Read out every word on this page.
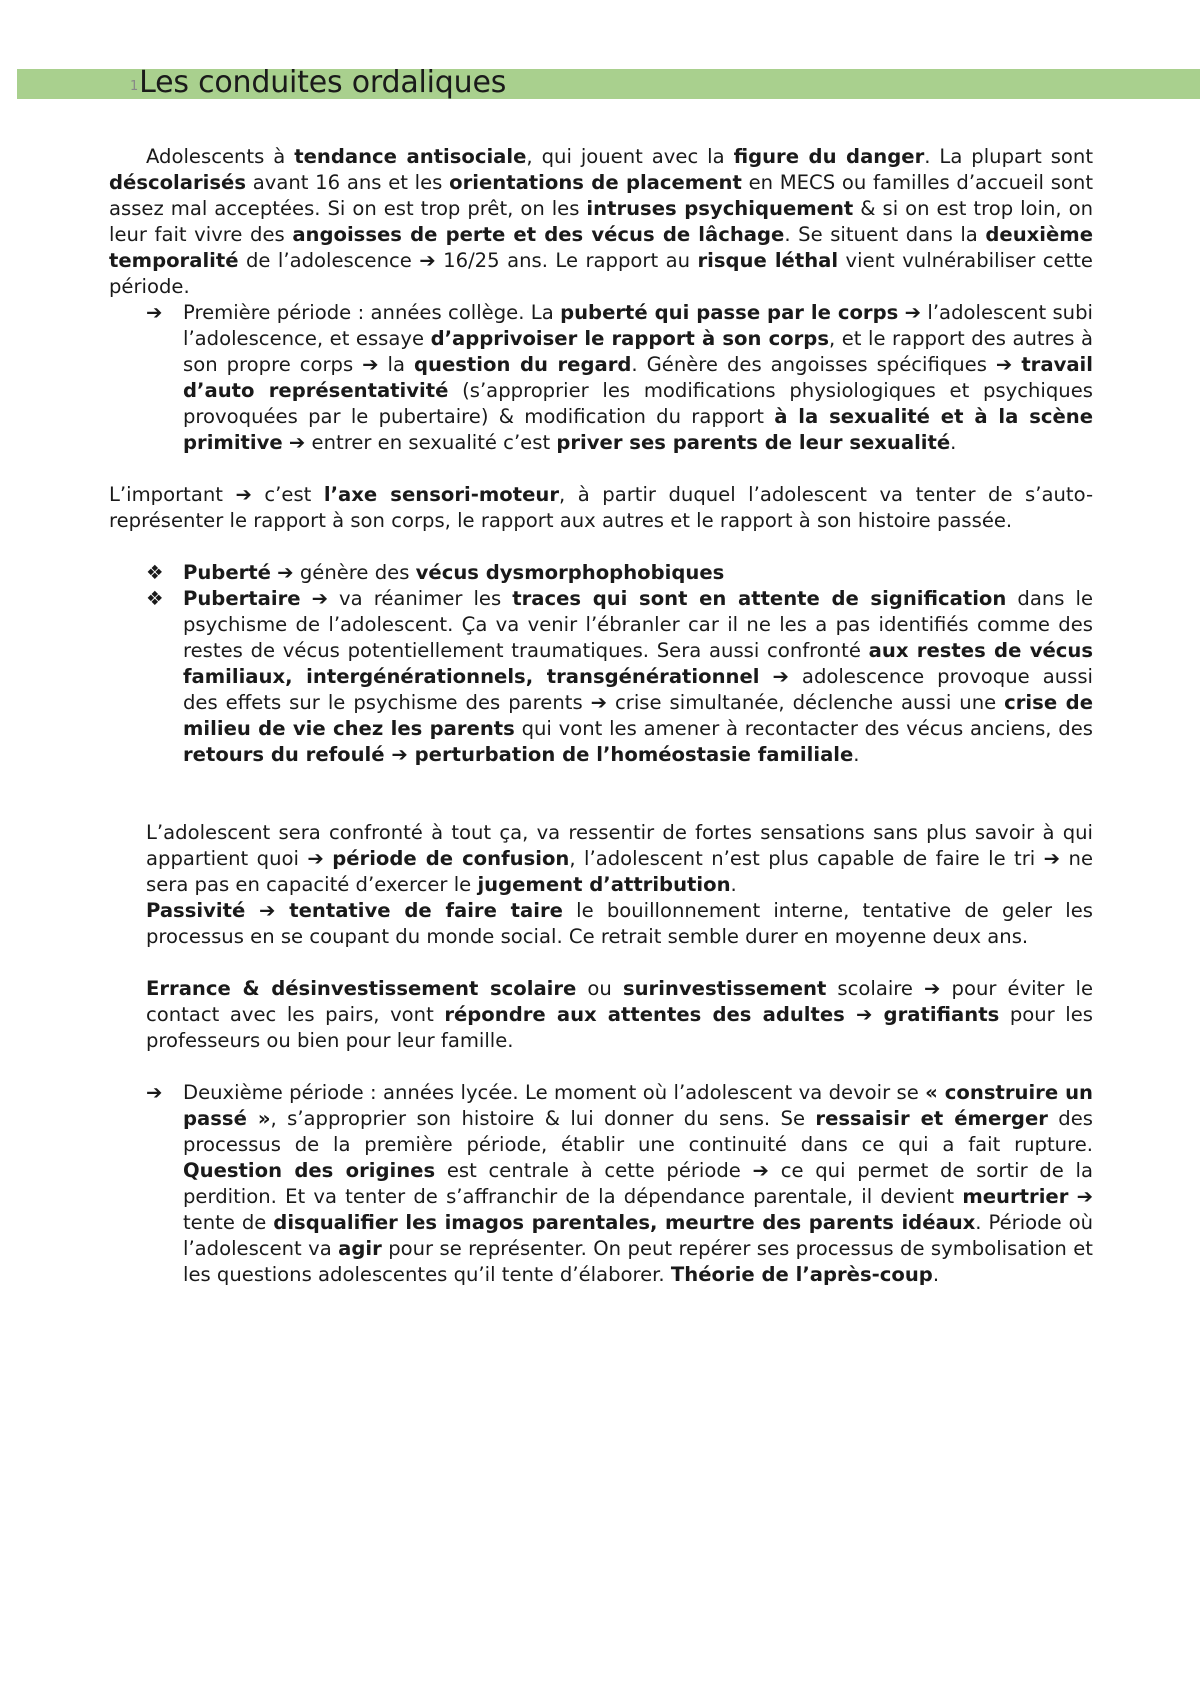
1Les conduites ordaliques

Adolescents à tendance antisociale, qui jouent avec la figure du danger. La plupart sont déscolarisés avant 16 ans et les orientations de placement en MECS ou familles d’accueil sont assez mal acceptées. Si on est trop prêt, on les intruses psychiquement & si on est trop loin, on leur fait vivre des angoisses de perte et des vécus de lâchage. Se situent dans la deuxième temporalité de l’adolescence ➔ 16/25 ans. Le rapport au risque léthal vient vulnérabiliser cette période.

➔	Première période : années collège. La puberté qui passe par le corps ➔ l’adolescent subi l’adolescence, et essaye d’apprivoiser le rapport à son corps, et le rapport des autres à son propre corps ➔ la question du regard. Génère des angoisses spécifiques ➔ travail d’auto représentativité (s’approprier les modifications physiologiques et psychiques provoquées par le pubertaire) & modification du rapport à la sexualité et à la scène primitive ➔ entrer en sexualité c’est priver ses parents de leur sexualité.

L’important ➔ c’est l’axe sensori-moteur, à partir duquel l’adolescent va tenter de s’auto-représenter le rapport à son corps, le rapport aux autres et le rapport à son histoire passée.

❖ Puberté ➔ génère des vécus dysmorphophobiques
❖ Pubertaire ➔ va réanimer les traces qui sont en attente de signification dans le psychisme de l’adolescent. Ça va venir l’ébranler car il ne les a pas identifiés comme des restes de vécus potentiellement traumatiques. Sera aussi confronté aux restes de vécus familiaux, intergénérationnels, transgénérationnel ➔ adolescence provoque aussi des effets sur le psychisme des parents ➔ crise simultanée, déclenche aussi une crise de milieu de vie chez les parents qui vont les amener à recontacter des vécus anciens, des retours du refoulé ➔ perturbation de l’homéostasie familiale.

L’adolescent sera confronté à tout ça, va ressentir de fortes sensations sans plus savoir à qui appartient quoi ➔ période de confusion, l’adolescent n’est plus capable de faire le tri ➔ ne sera pas en capacité d’exercer le jugement d’attribution.

Passivité ➔ tentative de faire taire le bouillonnement interne, tentative de geler les processus en se coupant du monde social. Ce retrait semble durer en moyenne deux ans.

Errance & désinvestissement scolaire ou surinvestissement scolaire ➔ pour éviter le contact avec les pairs, vont répondre aux attentes des adultes ➔ gratifiants pour les professeurs ou bien pour leur famille.

➔	Deuxième période : années lycée. Le moment où l’adolescent va devoir se « construire un passé », s’approprier son histoire & lui donner du sens. Se ressaisir et émerger des processus de la première période, établir une continuité dans ce qui a fait rupture. Question des origines est centrale à cette période ➔ ce qui permet de sortir de la perdition. Et va tenter de s’affranchir de la dépendance parentale, il devient meurtrier ➔ tente de disqualifier les imagos parentales, meurtre des parents idéaux. Période où l’adolescent va agir pour se représenter. On peut repérer ses processus de symbolisation et les questions adolescentes qu’il tente d’élaborer. Théorie de l’après-coup.
